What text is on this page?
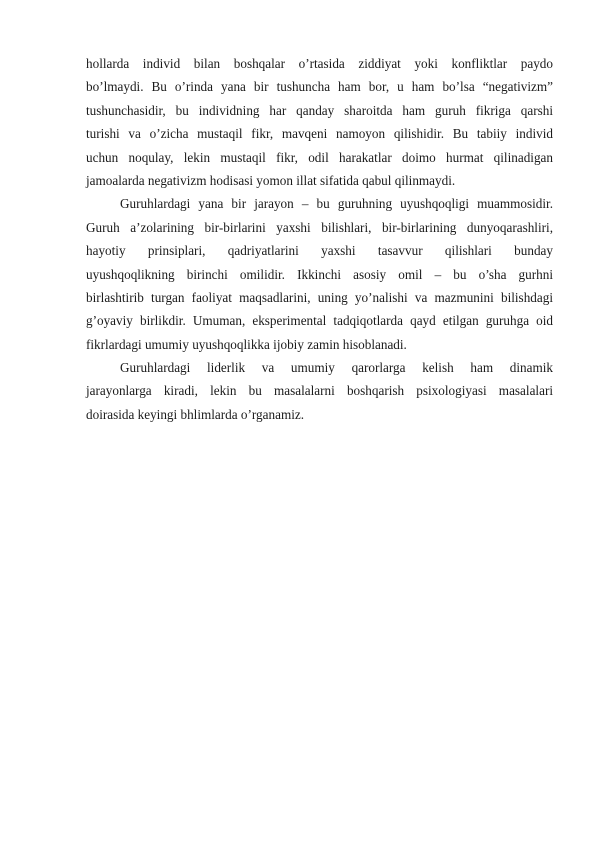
hollarda individ bilan boshqalar o’rtasida ziddiyat yoki konfliktlar paydo
bo’lmaydi. Bu o’rinda yana bir tushuncha ham bor, u ham bo’lsa “negativizm”
tushunchasidir, bu individning har qanday sharoitda ham guruh fikriga qarshi
turishi va o’zicha mustaqil fikr, mavqeni namoyon qilishidir. Bu tabiiy individ
uchun noqulay, lekin mustaqil fikr, odil harakatlar doimo hurmat qilinadigan
jamoalarda negativizm hodisasi yomon illat sifatida qabul qilinmaydi.
Guruhlardagi yana bir jarayon – bu guruhning uyushqoqligi muammosidir.
Guruh a’zolarining bir-birlarini yaxshi bilishlari, bir-birlarining dunyoqarashliri,
hayotiy prinsiplari, qadriyatlarini yaxshi tasavvur qilishlari bunday
uyushqoqlikning birinchi omilidir. Ikkinchi asosiy omil – bu o’sha gurhni
birlashtirib turgan faoliyat maqsadlarini, uning yo’nalishi va mazmunini bilishdagi
g’oyaviy birlikdir. Umuman, eksperimental tadqiqotlarda qayd etilgan guruhga oid
fikrlardagi umumiy uyushqoqlikka ijobiy zamin hisoblanadi.
Guruhlardagi liderlik va umumiy qarorlarga kelish ham dinamik
jarayonlarga kiradi, lekin bu masalalarni boshqarish psixologiyasi masalalari
doirasida keyingi bhlimlarda o’rganamiz.
